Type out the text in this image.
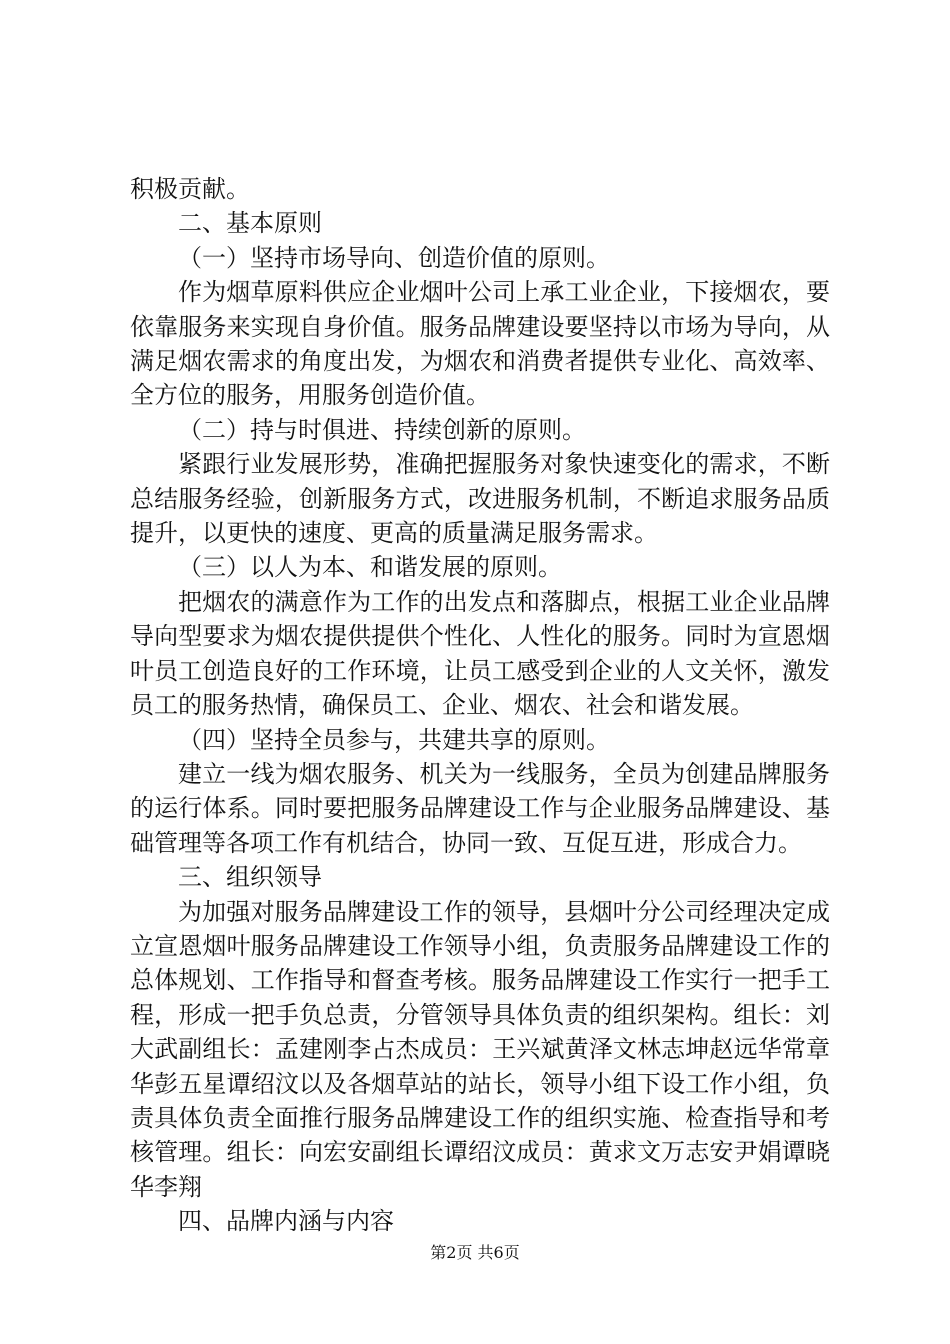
积极贡献。

二、基本原则

（一）坚持市场导向、创造价值的原则。

作为烟草原料供应企业烟叶公司上承工业企业，下接烟农，要依靠服务来实现自身价值。服务品牌建设要坚持以市场为导向，从满足烟农需求的角度出发，为烟农和消费者提供专业化、高效率、全方位的服务，用服务创造价值。

（二）持与时俱进、持续创新的原则。

紧跟行业发展形势，准确把握服务对象快速变化的需求，不断总结服务经验，创新服务方式，改进服务机制，不断追求服务品质提升，以更快的速度、更高的质量满足服务需求。

（三）以人为本、和谐发展的原则。

把烟农的满意作为工作的出发点和落脚点，根据工业企业品牌导向型要求为烟农提供提供个性化、人性化的服务。同时为宣恩烟叶员工创造良好的工作环境，让员工感受到企业的人文关怀，激发员工的服务热情，确保员工、企业、烟农、社会和谐发展。

（四）坚持全员参与，共建共享的原则。

建立一线为烟农服务、机关为一线服务，全员为创建品牌服务的运行体系。同时要把服务品牌建设工作与企业服务品牌建设、基础管理等各项工作有机结合，协同一致、互促互进，形成合力。

三、组织领导

为加强对服务品牌建设工作的领导，县烟叶分公司经理决定成立宣恩烟叶服务品牌建设工作领导小组，负责服务品牌建设工作的总体规划、工作指导和督查考核。服务品牌建设工作实行一把手工程，形成一把手负总责，分管领导具体负责的组织架构。组长：刘大武副组长：孟建刚李占杰成员：王兴斌黄泽文林志坤赵远华常章华彭五星谭绍汶以及各烟草站的站长，领导小组下设工作小组，负责具体负责全面推行服务品牌建设工作的组织实施、检查指导和考核管理。组长：向宏安副组长谭绍汶成员：黄求文万志安尹娟谭晓华李翔

四、品牌内涵与内容

第2页 共6页
